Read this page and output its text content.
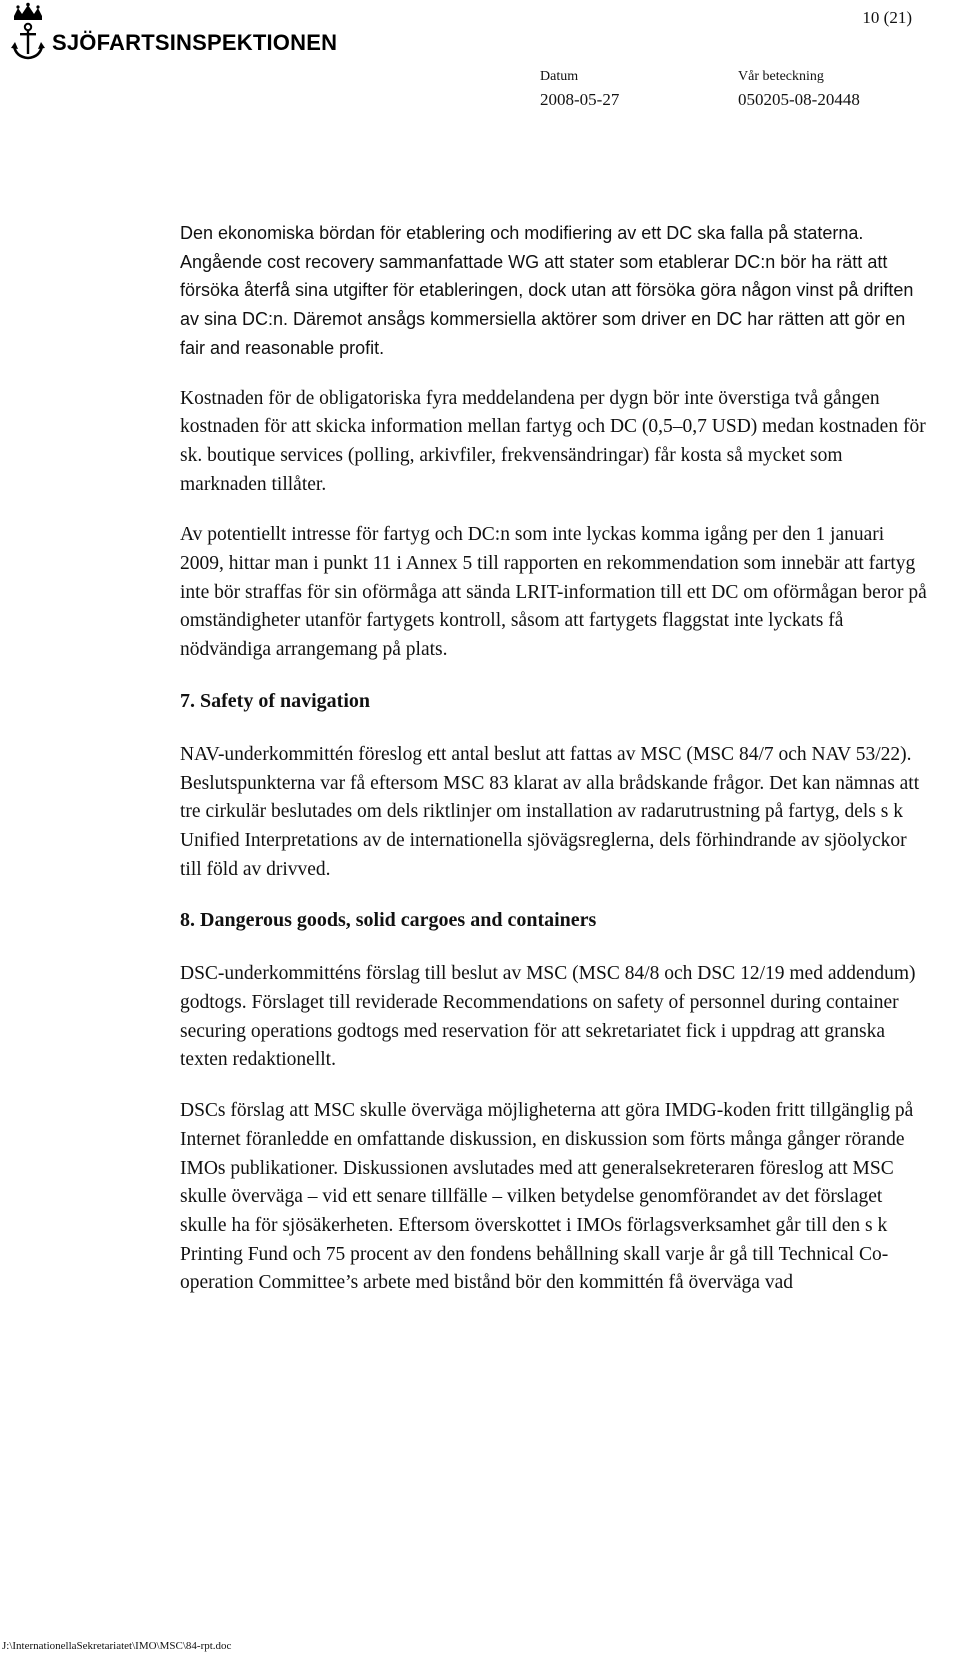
SJÖFARTSINSPEKTIONEN
10 (21)
Datum
2008-05-27
Vår beteckning
050205-08-20448

Den ekonomiska bördan för etablering och modifiering av ett DC ska falla på staterna. Angående cost recovery sammanfattade WG att stater som etablerar DC:n bör ha rätt att försöka återfå sina utgifter för etableringen, dock utan att försöka göra någon vinst på driften av sina DC:n. Däremot ansågs kommersiella aktörer som driver en DC har rätten att gör en fair and reasonable profit.

Kostnaden för de obligatoriska fyra meddelandena per dygn bör inte överstiga två gången kostnaden för att skicka information mellan fartyg och DC (0,5–0,7 USD) medan kostnaden för sk. boutique services (polling, arkivfiler, frekvensändringar) får kosta så mycket som marknaden tillåter.

Av potentiellt intresse för fartyg och DC:n som inte lyckas komma igång per den 1 januari 2009, hittar man i punkt 11 i Annex 5 till rapporten en rekommendation som innebär att fartyg inte bör straffas för sin oförmåga att sända LRIT-information till ett DC om oförmågan beror på omständigheter utanför fartygets kontroll, såsom att fartygets flaggstat inte lyckats få nödvändiga arrangemang på plats.

7. Safety of navigation

NAV-underkommittén föreslog ett antal beslut att fattas av MSC (MSC 84/7 och NAV 53/22). Beslutspunkterna var få eftersom MSC 83 klarat av alla brådskande frågor. Det kan nämnas att tre cirkulär beslutades om dels riktlinjer om installation av radarutrustning på fartyg, dels s k Unified Interpretations av de internationella sjövägsreglerna, dels förhindrande av sjöolyckor till föld av drivved.

8. Dangerous goods, solid cargoes and containers

DSC-underkommitténs förslag till beslut av MSC (MSC 84/8 och DSC 12/19 med addendum) godtogs. Förslaget till reviderade Recommendations on safety of personnel during container securing operations godtogs med reservation för att sekretariatet fick i uppdrag att granska texten redaktionellt.

DSCs förslag att MSC skulle överväga möjligheterna att göra IMDG-koden fritt tillgänglig på Internet föranledde en omfattande diskussion, en diskussion som förts många gånger rörande IMOs publikationer. Diskussionen avslutades med att generalsekreteraren föreslog att MSC skulle överväga – vid ett senare tillfälle – vilken betydelse genomförandet av det förslaget skulle ha för sjösäkerheten. Eftersom överskottet i IMOs förlagsverksamhet går till den s k Printing Fund och 75 procent av den fondens behållning skall varje år gå till Technical Co-operation Committee’s arbete med bistånd bör den kommittén få överväga vad

J:\InternationellaSekretariatet\IMO\MSC\84-rpt.doc
